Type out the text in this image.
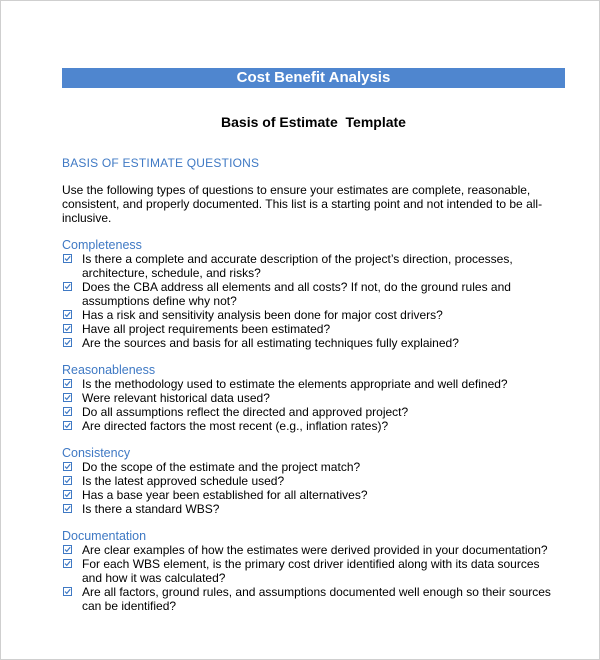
Cost Benefit Analysis
Basis of Estimate  Template
BASIS OF ESTIMATE QUESTIONS
Use the following types of questions to ensure your estimates are complete, reasonable, consistent, and properly documented. This list is a starting point and not intended to be all-inclusive.
Completeness
Is there a complete and accurate description of the project’s direction, processes, architecture, schedule, and risks?
Does the CBA address all elements and all costs? If not, do the ground rules and assumptions define why not?
Has a risk and sensitivity analysis been done for major cost drivers?
Have all project requirements been estimated?
Are the sources and basis for all estimating techniques fully explained?
Reasonableness
Is the methodology used to estimate the elements appropriate and well defined?
Were relevant historical data used?
Do all assumptions reflect the directed and approved project?
Are directed factors the most recent (e.g., inflation rates)?
Consistency
Do the scope of the estimate and the project match?
Is the latest approved schedule used?
Has a base year been established for all alternatives?
Is there a standard WBS?
Documentation
Are clear examples of how the estimates were derived provided in your documentation?
For each WBS element, is the primary cost driver identified along with its data sources and how it was calculated?
Are all factors, ground rules, and assumptions documented well enough so their sources can be identified?
